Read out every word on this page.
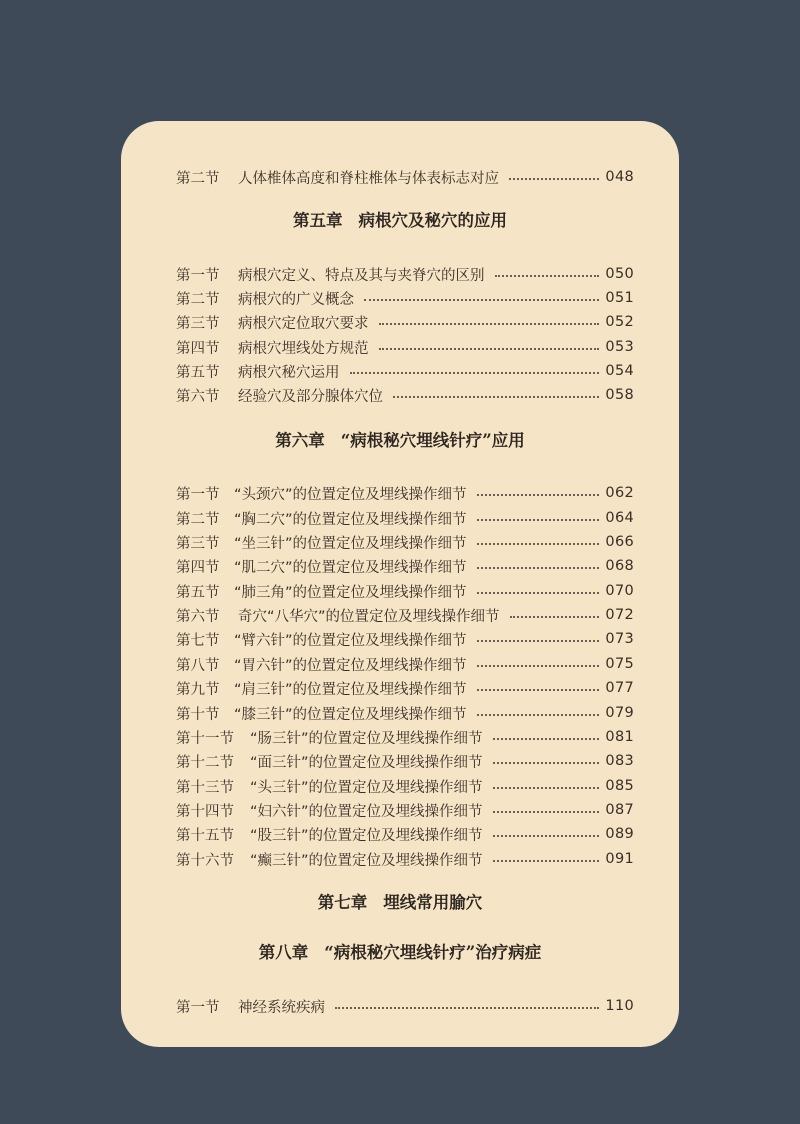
第二节	人体椎体高度和脊柱椎体与体表标志对应	048
第五章 病根穴及秘穴的应用
第一节	病根穴定义、特点及其与夹脊穴的区别	050
第二节	病根穴的广义概念	051
第三节	病根穴定位取穴要求	052
第四节	病根穴埋线处方规范	053
第五节	病根穴秘穴运用	054
第六节	经验穴及部分腺体穴位	058
第六章 “病根秘穴埋线针疗”应用
第一节	“头颈穴”的位置定位及埋线操作细节	062
第二节	“胸二穴”的位置定位及埋线操作细节	064
第三节	“坐三针”的位置定位及埋线操作细节	066
第四节	“肌二穴”的位置定位及埋线操作细节	068
第五节	“肺三角”的位置定位及埋线操作细节	070
第六节	奇穴“八华穴”的位置定位及埋线操作细节	072
第七节	“臂六针”的位置定位及埋线操作细节	073
第八节	“胃六针”的位置定位及埋线操作细节	075
第九节	“肩三针”的位置定位及埋线操作细节	077
第十节	“膝三针”的位置定位及埋线操作细节	079
第十一节	“肠三针”的位置定位及埋线操作细节	081
第十二节	“面三针”的位置定位及埋线操作细节	083
第十三节	“头三针”的位置定位及埋线操作细节	085
第十四节	“妇六针”的位置定位及埋线操作细节	087
第十五节	“股三针”的位置定位及埋线操作细节	089
第十六节	“癫三针”的位置定位及埋线操作细节	091
第七章 埋线常用腧穴
第八章 “病根秘穴埋线针疗”治疗病症
第一节	神经系统疾病	110
